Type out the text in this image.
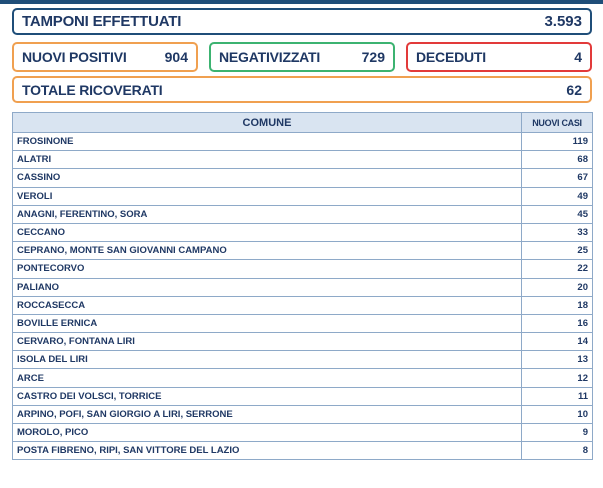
TAMPONI EFFETTUATI	3.593
NUOVI POSITIVI	904 NEGATIVIZZATI	729 DECEDUTI	4
TOTALE RICOVERATI	62
COMUNE	NUOVI CASI
FROSINONE	119
ALATRI	68
CASSINO	67
VEROLI	49
ANAGNI, FERENTINO, SORA	45
CECCANO	33
CEPRANO, MONTE SAN GIOVANNI CAMPANO	25
PONTECORVO	22
PALIANO	20
ROCCASECCA	18
BOVILLE ERNICA	16
CERVARO, FONTANA LIRI	14
ISOLA DEL LIRI	13
ARCE	12
CASTRO DEI VOLSCI, TORRICE	11
ARPINO, POFI, SAN GIORGIO A LIRI, SERRONE	10
MOROLO, PICO	9
POSTA FIBRENO, RIPI, SAN VITTORE DEL LAZIO	8
